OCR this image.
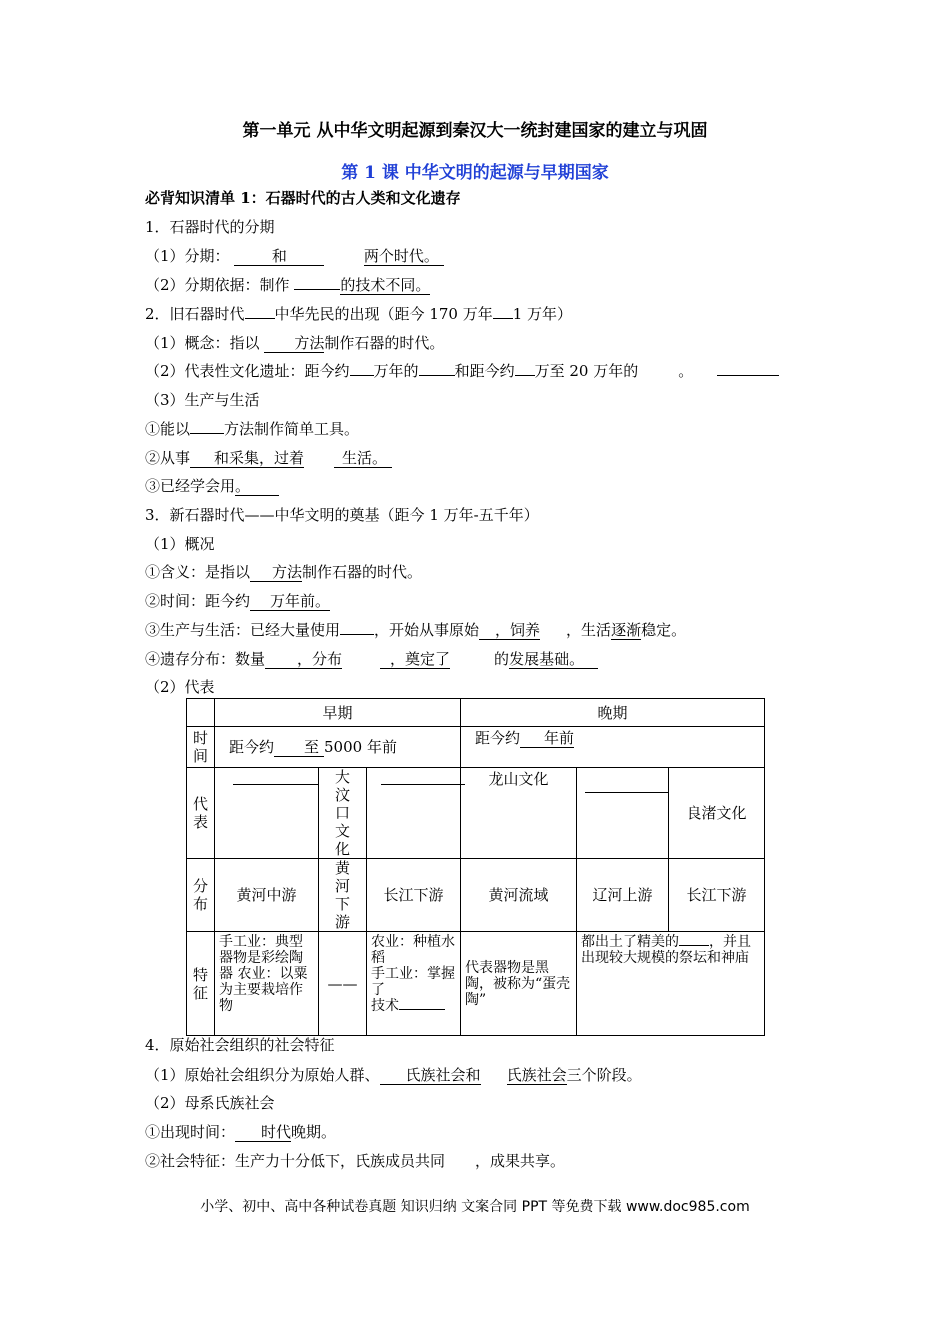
第一单元 从中华文明起源到秦汉大一统封建国家的建立与巩固
第 1 课 中华文明的起源与早期国家
必背知识清单 1：石器时代的古人类和文化遗存
1．石器时代的分期
（1）分期：	和	两个时代。
（2）分期依据：制作	的技术不同。
2．旧石器时代 中华先民的出现（距今 170 万年 1 万年）
（1）概念：指以 方法制作石器的时代。
（2）代表性文化遗址：距今约 万年的 和距今约 万至 20 万年的	。
（3）生产与生活
①能以 方法制作简单工具。
②从事 和采集，过着	生活。
③已经学会用。
3．新石器时代——中华文明的奠基（距今 1 万年-五千年）
（1）概况
①含义：是指以 方法制作石器的时代。
②时间：距今约 万年前。
③生产与生活：已经大量使用 ，开始从事原始 ，饲养 ，生活逐渐稳定。
④遗存分布：数量 ，分布	，奠定了	的发展基础。
（2）代表
	早期			晚期		
时间	距今约 至 5000 年前			距今约 年前		
代表		大汶口文化		龙山文化		良渚文化
分布	黄河中游	黄河下游	长江下游	黄河流域	辽河上游	长江下游
特征	手工业：典型器物是彩绘陶器 农业：以粟为主要栽培作物	——	农业：种植水稻
手工业：掌握了
技术	代表器物是黑陶，被称为“蛋壳陶”	都出土了精美的 ，并且出现较大规模的祭坛和神庙	
4．原始社会组织的社会特征
（1）原始社会组织分为原始人群、 氏族社会和 氏族社会三个阶段。
（2）母系氏族社会
①出现时间： 时代晚期。
②社会特征：生产力十分低下，氏族成员共同 ，成果共享。
小学、初中、高中各种试卷真题 知识归纳 文案合同 PPT 等免费下载 www.doc985.com
